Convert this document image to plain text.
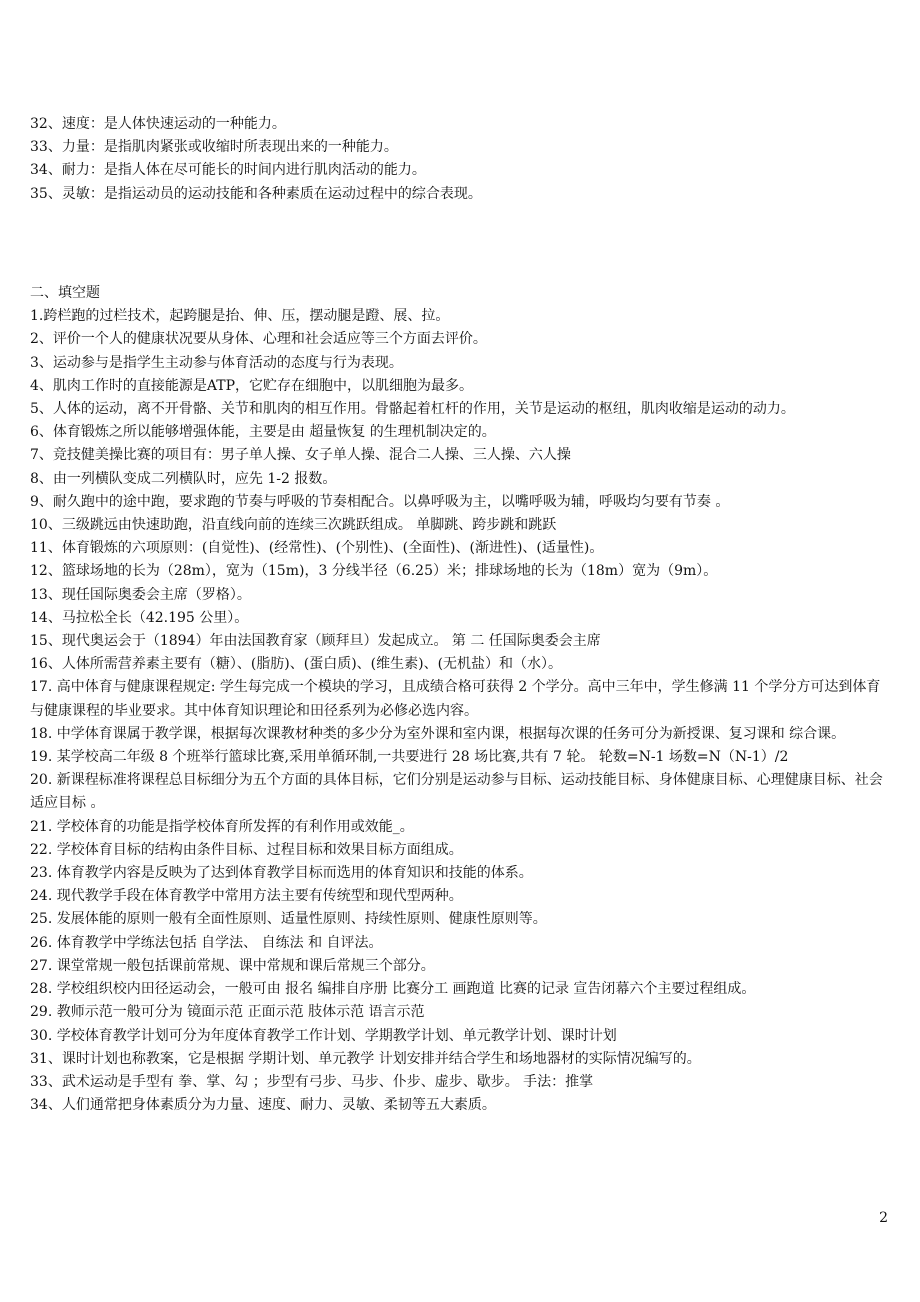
32、速度：是人体快速运动的一种能力。
33、力量：是指肌肉紧张或收缩时所表现出来的一种能力。
34、耐力：是指人体在尽可能长的时间内进行肌肉活动的能力。
35、灵敏：是指运动员的运动技能和各种素质在运动过程中的综合表现。
二、填空题
1.跨栏跑的过栏技术，起跨腿是抬、伸、压，摆动腿是蹬、展、拉。
2、评价一个人的健康状况要从身体、心理和社会适应等三个方面去评价。
3、运动参与是指学生主动参与体育活动的态度与行为表现。
4、肌肉工作时的直接能源是ATP，它贮存在细胞中，以肌细胞为最多。
5、人体的运动，离不开骨骼、关节和肌肉的相互作用。骨骼起着杠杆的作用，关节是运动的枢纽，肌肉收缩是运动的动力。
6、体育锻炼之所以能够增强体能，主要是由 超量恢复 的生理机制决定的。
7、竞技健美操比赛的项目有：男子单人操、女子单人操、混合二人操、三人操、六人操
8、由一列横队变成二列横队时，应先 1-2 报数。
9、耐久跑中的途中跑，要求跑的节奏与呼吸的节奏相配合。以鼻呼吸为主，以嘴呼吸为辅，呼吸均匀要有节奏 。
10、三级跳远由快速助跑，沿直线向前的连续三次跳跃组成。 单脚跳、跨步跳和跳跃
11、体育锻炼的六项原则：(自觉性)、(经常性)、(个别性)、(全面性)、(渐进性)、(适量性)。
12、篮球场地的长为（28m），宽为（15m)，3 分线半径（6.25）米；排球场地的长为（18m）宽为（9m）。
13、现任国际奥委会主席（罗格）。
14、马拉松全长（42.195 公里）。
15、现代奥运会于（1894）年由法国教育家（顾拜旦）发起成立。 第 二 任国际奥委会主席
16、人体所需营养素主要有（糖）、(脂肪)、(蛋白质)、(维生素)、(无机盐）和（水）。
17. 高中体育与健康课程规定: 学生每完成一个模块的学习，且成绩合格可获得 2 个学分。高中三年中，学生修满 11 个学分方可达到体育与健康课程的毕业要求。其中体育知识理论和田径系列为必修必选内容。
18. 中学体育课属于教学课，根据每次课教材种类的多少分为室外课和室内课，根据每次课的任务可分为新授课、复习课和 综合课。
19. 某学校高二年级 8 个班举行篮球比赛,采用单循环制,一共要进行 28 场比赛,共有 7 轮。 轮数=N-1 场数=N（N-1）/2
20. 新课程标准将课程总目标细分为五个方面的具体目标，它们分别是运动参与目标、运动技能目标、身体健康目标、心理健康目标、社会适应目标 。
21. 学校体育的功能是指学校体育所发挥的有利作用或效能_。
22. 学校体育目标的结构由条件目标、过程目标和效果目标方面组成。
23. 体育教学内容是反映为了达到体育教学目标而选用的体育知识和技能的体系。
24. 现代教学手段在体育教学中常用方法主要有传统型和现代型两种。
25. 发展体能的原则一般有全面性原则、适量性原则、持续性原则、健康性原则等。
26. 体育教学中学练法包括 自学法、 自练法 和 自评法。
27. 课堂常规一般包括课前常规、课中常规和课后常规三个部分。
28. 学校组织校内田径运动会，一般可由 报名 编排自序册 比赛分工 画跑道 比赛的记录 宣告闭幕六个主要过程组成。
29. 教师示范一般可分为 镜面示范 正面示范 肢体示范 语言示范
30. 学校体育教学计划可分为年度体育教学工作计划、学期教学计划、单元教学计划、课时计划
31、课时计划也称教案，它是根据 学期计划、单元教学 计划安排并结合学生和场地器材的实际情况编写的。
33、武术运动是手型有 拳、掌、勾 ；步型有弓步、马步、仆步、虚步、歇步。 手法：推掌
34、人们通常把身体素质分为力量、速度、耐力、灵敏、柔韧等五大素质。
2
